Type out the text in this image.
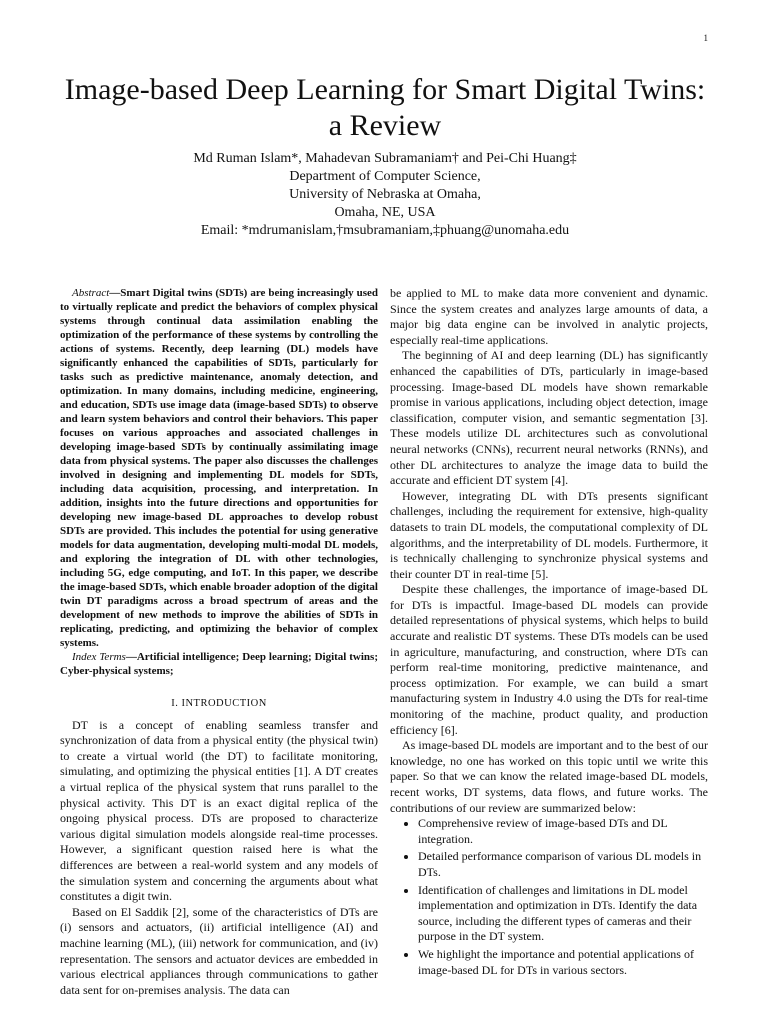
1
Image-based Deep Learning for Smart Digital Twins: a Review
Md Ruman Islam*, Mahadevan Subramaniam† and Pei-Chi Huang‡
Department of Computer Science,
University of Nebraska at Omaha,
Omaha, NE, USA
Email: *mdrumanislam,†msubramaniam,‡phuang@unomaha.edu

Abstract—Smart Digital twins (SDTs) are being increasingly used to virtually replicate and predict the behaviors of complex physical systems through continual data assimilation enabling the optimization of the performance of these systems by controlling the actions of systems. Recently, deep learning (DL) models have significantly enhanced the capabilities of SDTs, particularly for tasks such as predictive maintenance, anomaly detection, and optimization. In many domains, including medicine, engineering, and education, SDTs use image data (image-based SDTs) to observe and learn system behaviors and control their behaviors. This paper focuses on various approaches and associated challenges in developing image-based SDTs by continually assimilating image data from physical systems. The paper also discusses the challenges involved in designing and implementing DL models for SDTs, including data acquisition, processing, and interpretation. In addition, insights into the future directions and opportunities for developing new image-based DL approaches to develop robust SDTs are provided. This includes the potential for using generative models for data augmentation, developing multi-modal DL models, and exploring the integration of DL with other technologies, including 5G, edge computing, and IoT. In this paper, we describe the image-based SDTs, which enable broader adoption of the digital twin DT paradigms across a broad spectrum of areas and the development of new methods to improve the abilities of SDTs in replicating, predicting, and optimizing the behavior of complex systems.

Index Terms—Artificial intelligence; Deep learning; Digital twins; Cyber-physical systems;

I. INTRODUCTION

DT is a concept of enabling seamless transfer and synchronization of data from a physical entity (the physical twin) to create a virtual world (the DT) to facilitate monitoring, simulating, and optimizing the physical entities [1]. A DT creates a virtual replica of the physical system that runs parallel to the physical activity. This DT is an exact digital replica of the ongoing physical process. DTs are proposed to characterize various digital simulation models alongside real-time processes. However, a significant question raised here is what the differences are between a real-world system and any models of the simulation system and concerning the arguments about what constitutes a digit twin.

Based on El Saddik [2], some of the characteristics of DTs are (i) sensors and actuators, (ii) artificial intelligence (AI) and machine learning (ML), (iii) network for communication, and (iv) representation. The sensors and actuator devices are embedded in various electrical appliances through communications to gather data sent for on-premises analysis. The data can

be applied to ML to make data more convenient and dynamic. Since the system creates and analyzes large amounts of data, a major big data engine can be involved in analytic projects, especially real-time applications.

The beginning of AI and deep learning (DL) has significantly enhanced the capabilities of DTs, particularly in image-based processing. Image-based DL models have shown remarkable promise in various applications, including object detection, image classification, computer vision, and semantic segmentation [3]. These models utilize DL architectures such as convolutional neural networks (CNNs), recurrent neural networks (RNNs), and other DL architectures to analyze the image data to build the accurate and efficient DT system [4].

However, integrating DL with DTs presents significant challenges, including the requirement for extensive, high-quality datasets to train DL models, the computational complexity of DL algorithms, and the interpretability of DL models. Furthermore, it is technically challenging to synchronize physical systems and their counter DT in real-time [5].

Despite these challenges, the importance of image-based DL for DTs is impactful. Image-based DL models can provide detailed representations of physical systems, which helps to build accurate and realistic DT systems. These DTs models can be used in agriculture, manufacturing, and construction, where DTs can perform real-time monitoring, predictive maintenance, and process optimization. For example, we can build a smart manufacturing system in Industry 4.0 using the DTs for real-time monitoring of the machine, product quality, and production efficiency [6].

As image-based DL models are important and to the best of our knowledge, no one has worked on this topic until we write this paper. So that we can know the related image-based DL models, recent works, DT systems, data flows, and future works. The contributions of our review are summarized below:

• Comprehensive review of image-based DTs and DL integration.
• Detailed performance comparison of various DL models in DTs.
• Identification of challenges and limitations in DL model implementation and optimization in DTs. Identify the data source, including the different types of cameras and their purpose in the DT system.
• We highlight the importance and potential applications of image-based DL for DTs in various sectors.
